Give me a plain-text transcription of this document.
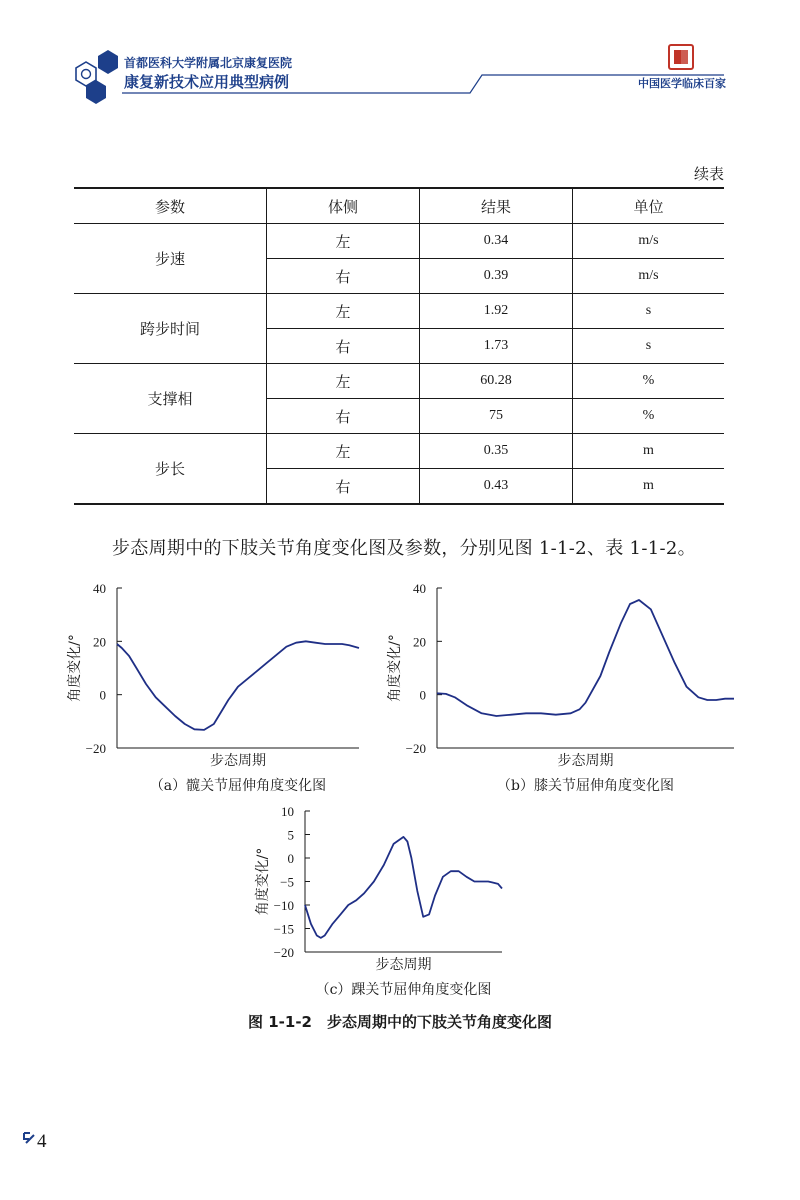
首都医科大学附属北京康复医院
康复新技术应用典型病例	中国医学临床百家
续表
参数	体侧	结果	单位
步速	左	0.34	m/s
	右	0.39	m/s
跨步时间	左	1.92	s
	右	1.73	s
支撑相	左	60.28	%
	右	75	%
步长	左	0.35	m
	右	0.43	m
步态周期中的下肢关节角度变化图及参数，分别见图 1-1-2、表 1-1-2。
40
20
0
−20
步态周期
角度变化/°
（a）髋关节屈伸角度变化图
40
20
0
−20
步态周期
角度变化/°
（b）膝关节屈伸角度变化图
10
5
0
−5
−10
−15
−20
步态周期
角度变化/°
（c）踝关节屈伸角度变化图
图 1-1-2　步态周期中的下肢关节角度变化图
4
